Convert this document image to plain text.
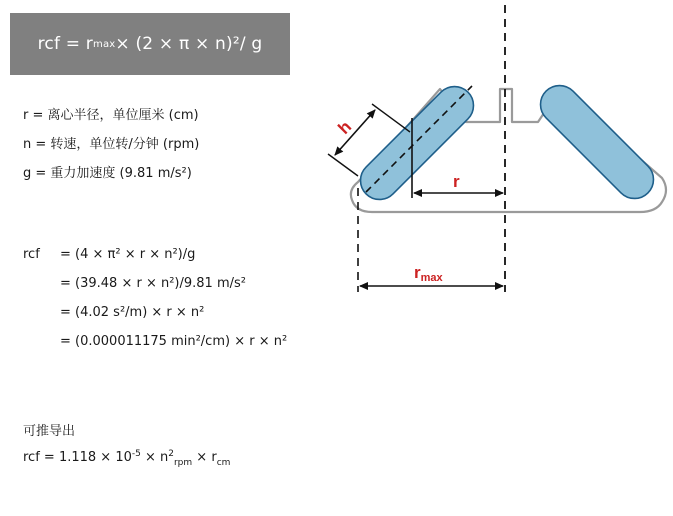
rcf = r max × (2 × π × n)²/ g
r = 离心半径，单位厘米 (cm)
n = 转速，单位转/分钟 (rpm)
g = 重力加速度 (9.81 m/s²)
rcf = (4 × π² × r × n²)/g
= (39.48 × r × n²)/9.81 m/s²
= (4.02 s²/m) × r × n²
= (0.000011175 min²/cm) × r × n²
可推导出
rcf = $1.118 \times 10^{-5} \times n^2_{rpm} \times r_{cm}$
h
r
rmax
